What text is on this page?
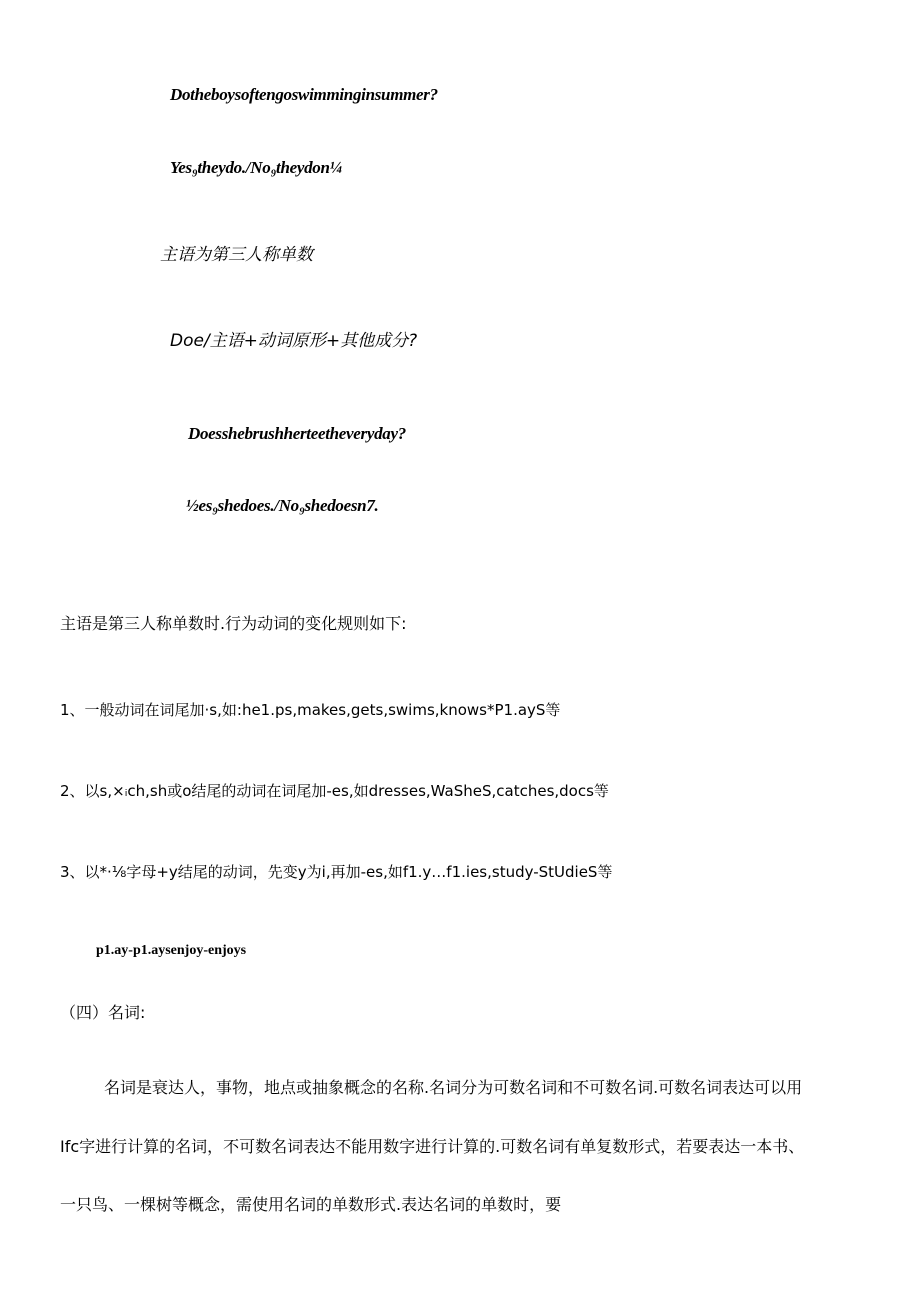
Dotheboysoftengoswimminginsummer?
Yes₉theydo./No₉theydon¼
主语为第三人称单数
Doe/主语+动词原形+其他成分?
Doesshebrushherteetheveryday?
½es₉shedoes./No₉shedoesn7.
主语是第三人称单数时.行为动词的变化规则如下:
1、一般动词在词尾加·s,如:he1.ps,makes,gets,swims,knows*P1.ayS等
2、以s,×ᵢch,sh或o结尾的动词在词尾加-es,如dresses,WaSheS,catches,docs等
3、以*·⅛字母+y结尾的动词，先变y为i,再加-es,如f1.y…f1.ies,study-StUdieS等
p1.ay-p1.aysenjoy-enjoys
（四）名词:
名词是衰达人，事物，地点或抽象概念的名称.名词分为可数名词和不可数名词.可数名词表达可以用
Ifc字进行计算的名词，不可数名词表达不能用数字进行计算的.可数名词有单复数形式，若要表达一本书、
一只鸟、一棵树等概念，需使用名词的单数形式.表达名词的单数时，要
